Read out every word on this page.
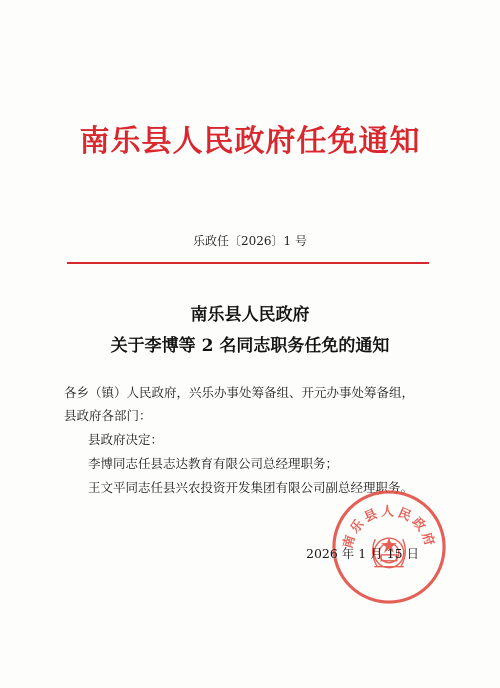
南乐县人民政府任免通知
乐政任〔2026〕1 号
南乐县人民政府
关于李博等 2 名同志职务任免的通知
各乡（镇）人民政府，兴乐办事处筹备组、开元办事处筹备组，
县政府各部门：
县政府决定：
李博同志任县志达教育有限公司总经理职务；
王文平同志任县兴农投资开发集团有限公司副总经理职务。
南乐县人民政府
2026 年 1 月 15 日
